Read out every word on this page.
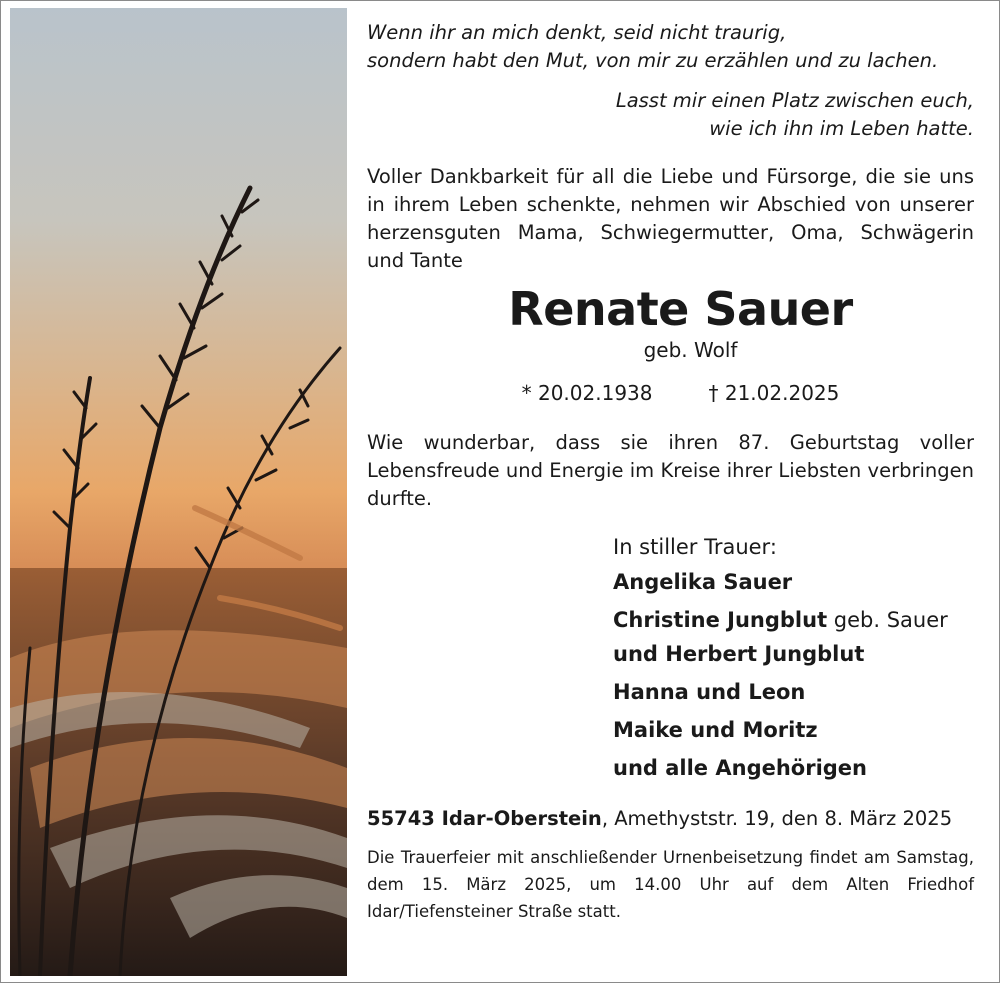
Wenn ihr an mich denkt, seid nicht traurig,
sondern habt den Mut, von mir zu erzählen und zu lachen.
Lasst mir einen Platz zwischen euch,
wie ich ihn im Leben hatte.
Voller Dankbarkeit für all die Liebe und Fürsorge, die sie uns in ihrem Leben schenkte, nehmen wir Abschied von unserer herzensguten Mama, Schwiegermutter, Oma, Schwägerin und Tante
Renate Sauer
geb. Wolf
* 20.02.1938	† 21.02.2025
Wie wunderbar, dass sie ihren 87. Geburtstag voller Lebensfreude und Energie im Kreise ihrer Liebsten verbringen durfte.
In stiller Trauer:
Angelika Sauer
Christine Jungblut geb. Sauer
und Herbert Jungblut
Hanna und Leon
Maike und Moritz
und alle Angehörigen
55743 Idar-Oberstein, Amethyststr. 19, den 8. März 2025
Die Trauerfeier mit anschließender Urnenbeisetzung findet am Samstag, dem 15. März 2025, um 14.00 Uhr auf dem Alten Friedhof Idar/Tiefensteiner Straße statt.
